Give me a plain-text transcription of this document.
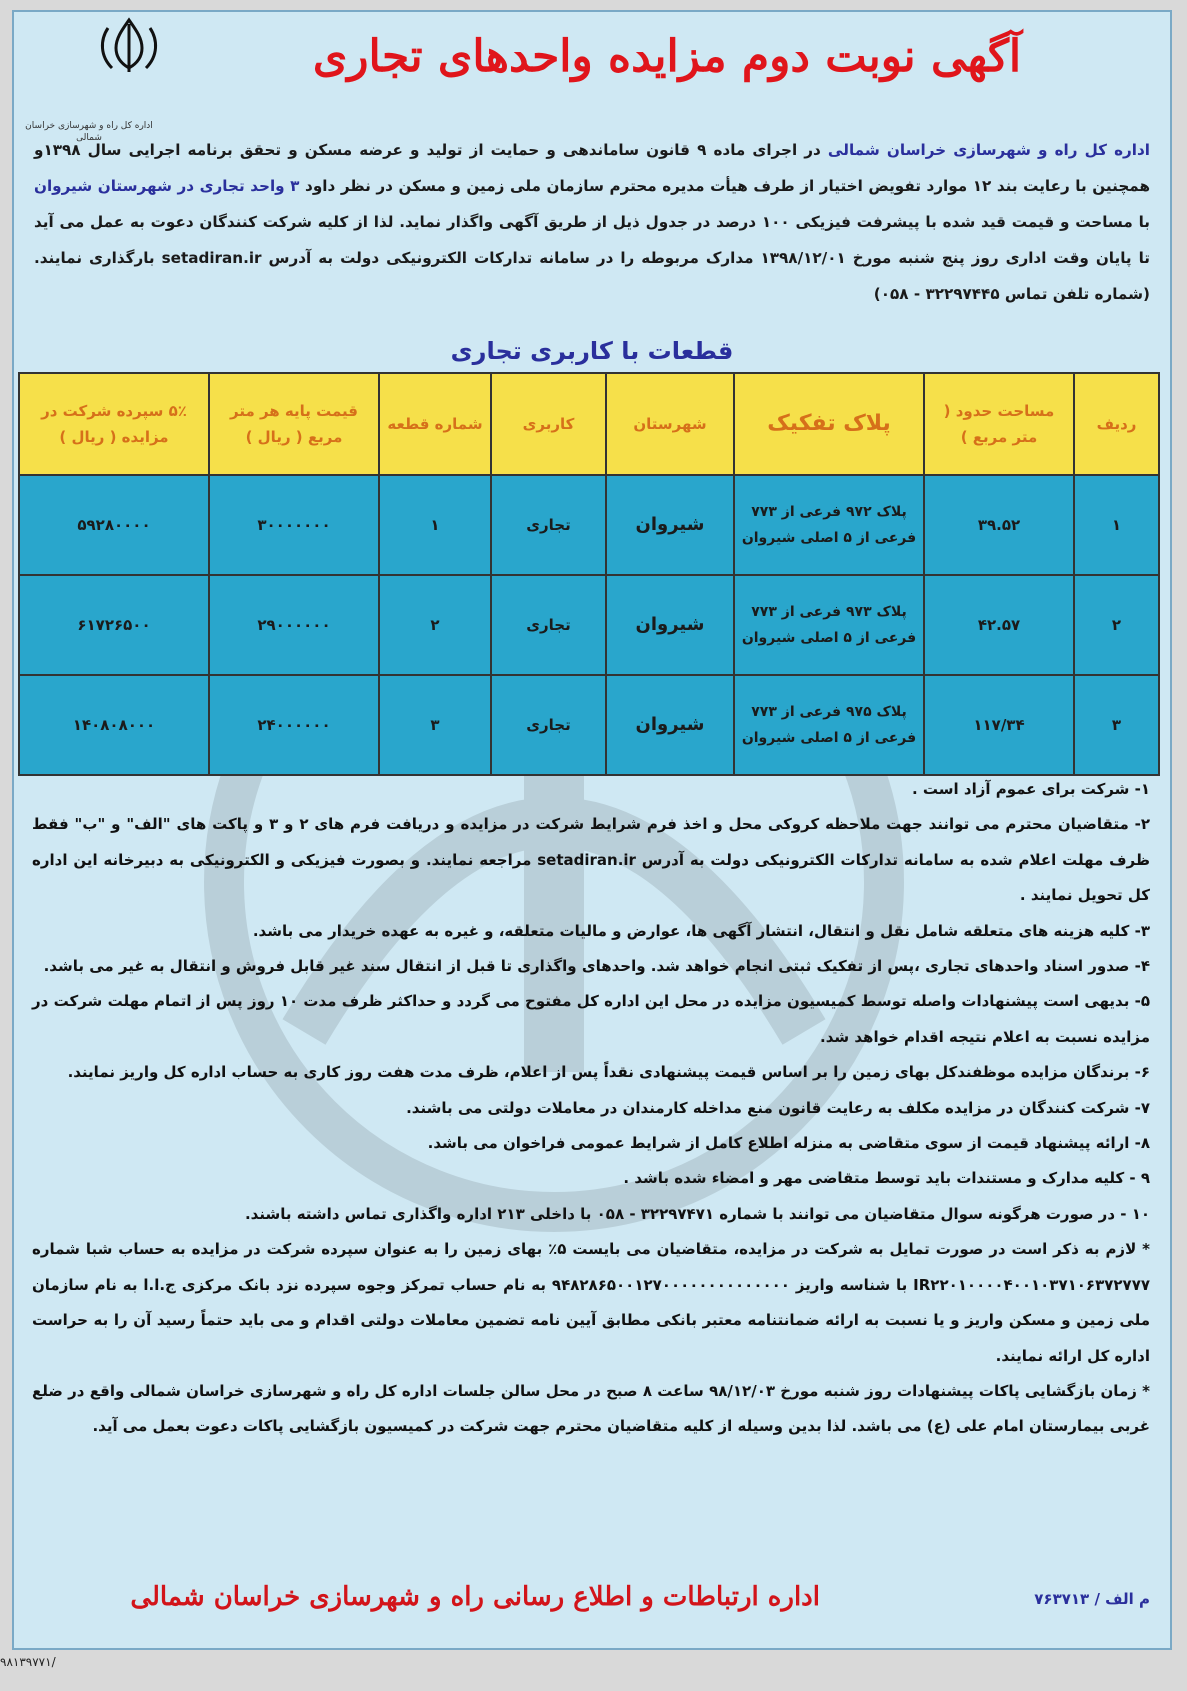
آگهی نوبت دوم مزایده واحدهای تجاری
اداره کل راه و شهرسازی خراسان شمالی
اداره کل راه و شهرسازی خراسان شمالی در اجرای ماده ۹ قانون ساماندهی و حمایت از تولید و عرضه مسکن و تحقق برنامه اجرایی سال ۱۳۹۸و همچنین با رعایت بند ۱۲ موارد تفویض اختیار از طرف هیأت مدیره محترم سازمان ملی زمین و مسکن در نظر داود ۳ واحد تجاری در شهرستان شیروان با مساحت و قیمت قید شده با پیشرفت فیزیکی ۱۰۰ درصد در جدول ذیل از طریق آگهی واگذار نماید. لذا از کلیه شرکت کنندگان دعوت به عمل می آید تا پایان وقت اداری روز پنج شنبه مورخ ۱۳۹۸/۱۲/۰۱ مدارک مربوطه را در سامانه تدارکات الکترونیکی دولت به آدرس setadiran.ir بارگذاری نمایند. (شماره تلفن تماس ۳۲۲۹۷۴۴۵ - ۰۵۸)
قطعات با کاربری تجاری
ردیف	مساحت حدود ( متر مربع )	پلاک تفکیک	شهرستان	کاربری	شماره قطعه	قیمت پایه هر متر مربع ( ریال )	۵٪ سپرده شرکت در مزایده ( ریال )
۱	۳۹.۵۲	پلاک ۹۷۲ فرعی از ۷۷۳ فرعی از ۵ اصلی شیروان	شیروان	تجاری	۱	۳۰۰۰۰۰۰۰	۵۹۲۸۰۰۰۰
۲	۴۲.۵۷	پلاک ۹۷۳ فرعی از ۷۷۳ فرعی از ۵ اصلی شیروان	شیروان	تجاری	۲	۲۹۰۰۰۰۰۰	۶۱۷۲۶۵۰۰
۳	۱۱۷/۳۴	پلاک ۹۷۵ فرعی از ۷۷۳ فرعی از ۵ اصلی شیروان	شیروان	تجاری	۳	۲۴۰۰۰۰۰۰	۱۴۰۸۰۸۰۰۰

۱- شرکت برای عموم آزاد است .

۲- متقاضیان محترم می توانند جهت ملاحظه کروکی محل و اخذ فرم شرایط شرکت در مزایده و دریافت فرم های ۲ و ۳ و پاکت های "الف" و "ب" فقط ظرف مهلت اعلام شده به سامانه تدارکات الکترونیکی دولت به آدرس setadiran.ir مراجعه نمایند. و بصورت فیزیکی و الکترونیکی به دبیرخانه این اداره کل تحویل نمایند .

۳- کلیه هزینه های متعلقه شامل نقل و انتقال، انتشار آگهی ها، عوارض و مالیات متعلقه، و غیره به عهده خریدار می باشد.

۴- صدور اسناد واحدهای تجاری ،پس از تفکیک ثبتی انجام خواهد شد. واحدهای واگذاری تا قبل از انتقال سند غیر قابل فروش و انتقال به غیر می باشد.

۵- بدیهی است پیشنهادات واصله توسط کمیسیون مزایده در محل این اداره کل مفتوح می گردد و حداکثر ظرف مدت ۱۰ روز پس از اتمام مهلت شرکت در مزایده نسبت به اعلام نتیجه اقدام خواهد شد.

۶- برندگان مزایده موظفندکل بهای زمین را بر اساس قیمت پیشنهادی نقداً پس از اعلام، ظرف مدت هفت روز کاری به حساب اداره کل واریز نمایند.

۷- شرکت کنندگان در مزایده مکلف به رعایت قانون منع مداخله کارمندان در معاملات دولتی می باشند.

۸- ارائه پیشنهاد قیمت از سوی متقاضی به منزله اطلاع کامل از شرایط عمومی فراخوان می باشد.

۹ - کلیه مدارک و مستندات باید توسط متقاضی مهر و امضاء شده باشد .

۱۰ - در صورت هرگونه سوال متقاضیان می توانند با شماره ۳۲۲۹۷۴۷۱ - ۰۵۸ با داخلی ۲۱۳ اداره واگذاری تماس داشته باشند.

* لازم به ذکر است در صورت تمایل به شرکت در مزایده، متقاضیان می بایست ۵٪ بهای زمین را به عنوان سپرده شرکت در مزایده به حساب شبا شماره IR۲۲۰۱۰۰۰۰۴۰۰۱۰۳۷۱۰۶۳۷۲۷۷۷ با شناسه واریز ۹۴۸۲۸۶۵۰۰۱۲۷۰۰۰۰۰۰۰۰۰۰۰۰۰۰ به نام حساب تمرکز وجوه سپرده نزد بانک مرکزی ج.ا.ا به نام سازمان ملی زمین و مسکن واریز و یا نسبت به ارائه ضمانتنامه معتبر بانکی مطابق آیین نامه تضمین معاملات دولتی اقدام و می باید حتماً رسید آن را به حراست اداره کل ارائه نمایند.

* زمان بازگشایی پاکات پیشنهادات روز شنبه مورخ ۹۸/۱۲/۰۳ ساعت ۸ صبح در محل سالن جلسات اداره کل راه و شهرسازی خراسان شمالی واقع در ضلع غربی بیمارستان امام علی (ع) می باشد. لذا بدین وسیله از کلیه متقاضیان محترم جهت شرکت در کمیسیون بازگشایی پاکات دعوت بعمل می آید.

اداره ارتباطات و اطلاع رسانی راه و شهرسازی خراسان شمالی	م الف / ۷۶۳۷۱۳
۹۸۱۳۹۷۷۱/
